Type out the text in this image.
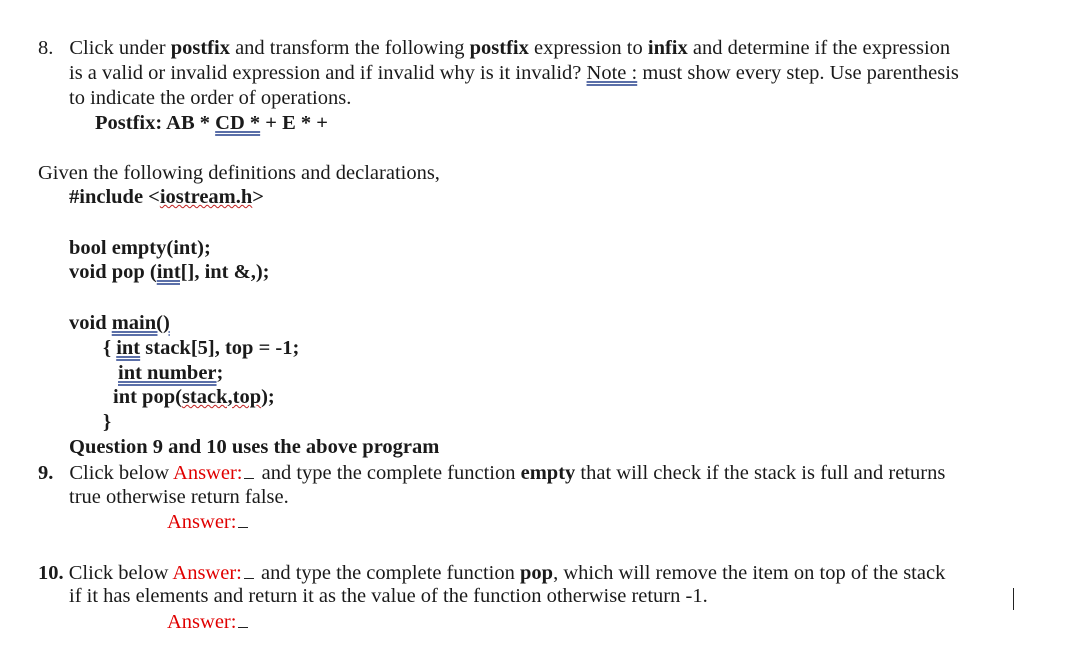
8. Click under postfix and transform the following postfix expression to infix and determine if the expression
is a valid or invalid expression and if invalid why is it invalid? Note : must show every step. Use parenthesis
to indicate the order of operations.
Postfix: AB * CD * + E * +
Given the following definitions and declarations,
#include <iostream.h>
bool empty(int);
void pop (int[], int &,);
void main()
{ int stack[5], top = -1;
int number;
int pop(stack,top);
}
Question 9 and 10 uses the above program
9. Click below Answer: and type the complete function empty that will check if the stack is full and returns
true otherwise return false.
Answer:
10. Click below Answer: and type the complete function pop, which will remove the item on top of the stack
if it has elements and return it as the value of the function otherwise return -1.
Answer:
